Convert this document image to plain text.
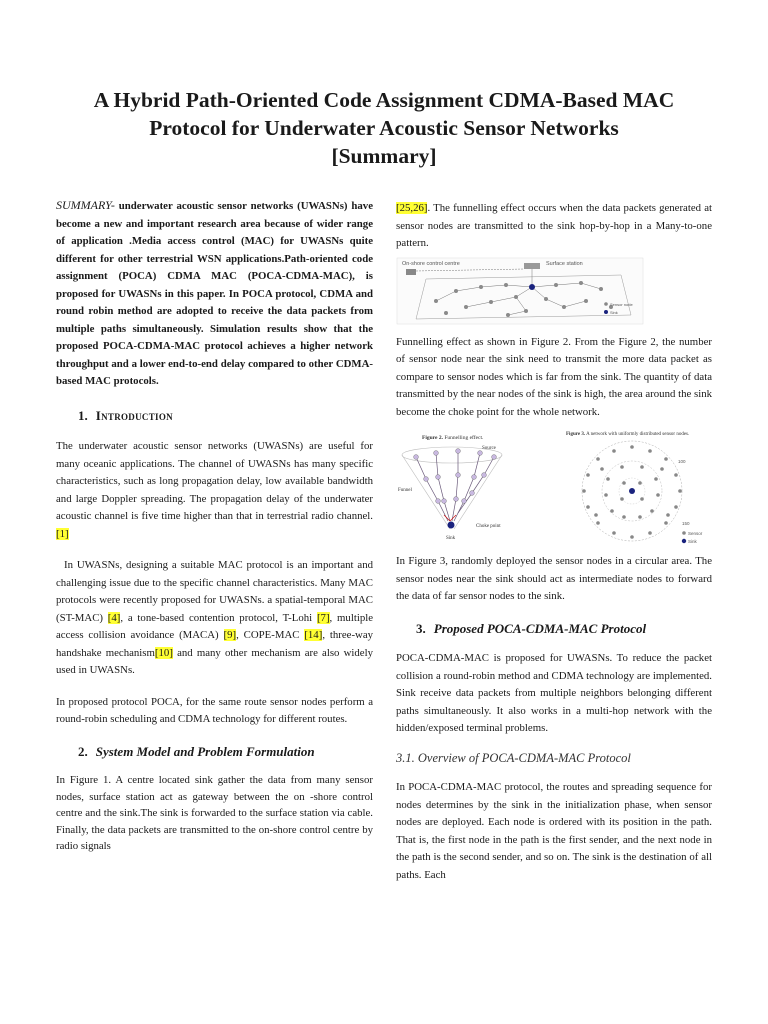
A Hybrid Path-Oriented Code Assignment CDMA-Based MAC
Protocol for Underwater Acoustic Sensor Networks
[Summary]

SUMMARY- underwater acoustic sensor networks (UWASNs) have become a new and important research area because of wider range of application .Media access control (MAC) for UWASNs quite different for other terrestrial WSN applications.Path-oriented code assignment (POCA) CDMA MAC (POCA-CDMA-MAC), is proposed for UWASNs in this paper. In POCA protocol, CDMA and round robin method are adopted to receive the data packets from multiple paths simultaneously. Simulation results show that the proposed POCA-CDMA-MAC protocol achieves a higher network throughput and a lower end-to-end delay compared to other CDMA-based MAC protocols.

1. Introduction

The underwater acoustic sensor networks (UWASNs) are useful for many oceanic applications. The channel of UWASNs has many specific characteristics, such as long propagation delay, low available bandwidth and large Doppler spreading. The propagation delay of the underwater acoustic channel is five time higher than that in terrestrial radio channel.[1]

In UWASNs, designing a suitable MAC protocol is an important and challenging issue due to the specific channel characteristics. Many MAC protocols were recently proposed for UWASNs. a spatial-temporal MAC (ST-MAC) [4], a tone-based contention protocol, T-Lohi [7], multiple access collision avoidance (MACA) [9], COPE-MAC [14], three-way handshake mechanism[10] and many other mechanism are also widely used in UWASNs.

In proposed protocol POCA, for the same route sensor nodes perform a round-robin scheduling and CDMA technology for different routes.

2. System Model and Problem Formulation

In Figure 1. A centre located sink gather the data from many sensor nodes, surface station act as gateway between the on -shore control centre and the sink.The sink is forwarded to the surface station via cable. Finally, the data packets are transmitted to the on-shore control centre by radio signals

[25,26]. The funnelling effect occurs when the data packets generated at sensor nodes are transmitted to the sink hop-by-hop in a Many-to-one pattern.

On-shore control centre	Surface station
Sensor node
Sink

Funnelling effect as shown in Figure 2. From the Figure 2, the number of sensor node near the sink need to transmit the more data packet as compare to sensor nodes which is far from the sink. The quantity of data transmitted by the near nodes of the sink is high, the area around the sink become the choke point for the whole network.

Figure 2. Funnelling effect.
Source
Funnel
Choke point
Sink
Figure 3. A network with uniformly distributed sensor nodes.
100
150
Sensor
Sink

In Figure 3, randomly deployed the sensor nodes in a circular area. The sensor nodes near the sink should act as intermediate nodes to forward the data of far sensor nodes to the sink.

3. Proposed POCA-CDMA-MAC Protocol

POCA-CDMA-MAC is proposed for UWASNs. To reduce the packet collision a round-robin method and CDMA technology are implemented. Sink receive data packets from multiple neighbors belonging different paths simultaneously. It also works in a multi-hop network with the hidden/exposed terminal problems.

3.1. Overview of POCA-CDMA-MAC Protocol

In POCA-CDMA-MAC protocol, the routes and spreading sequence for nodes determines by the sink in the initialization phase, when sensor nodes are deployed. Each node is ordered with its position in the path. That is, the first node in the path is the first sender, and the next node in the path is the second sender, and so on. The sink is the destination of all paths. Each
